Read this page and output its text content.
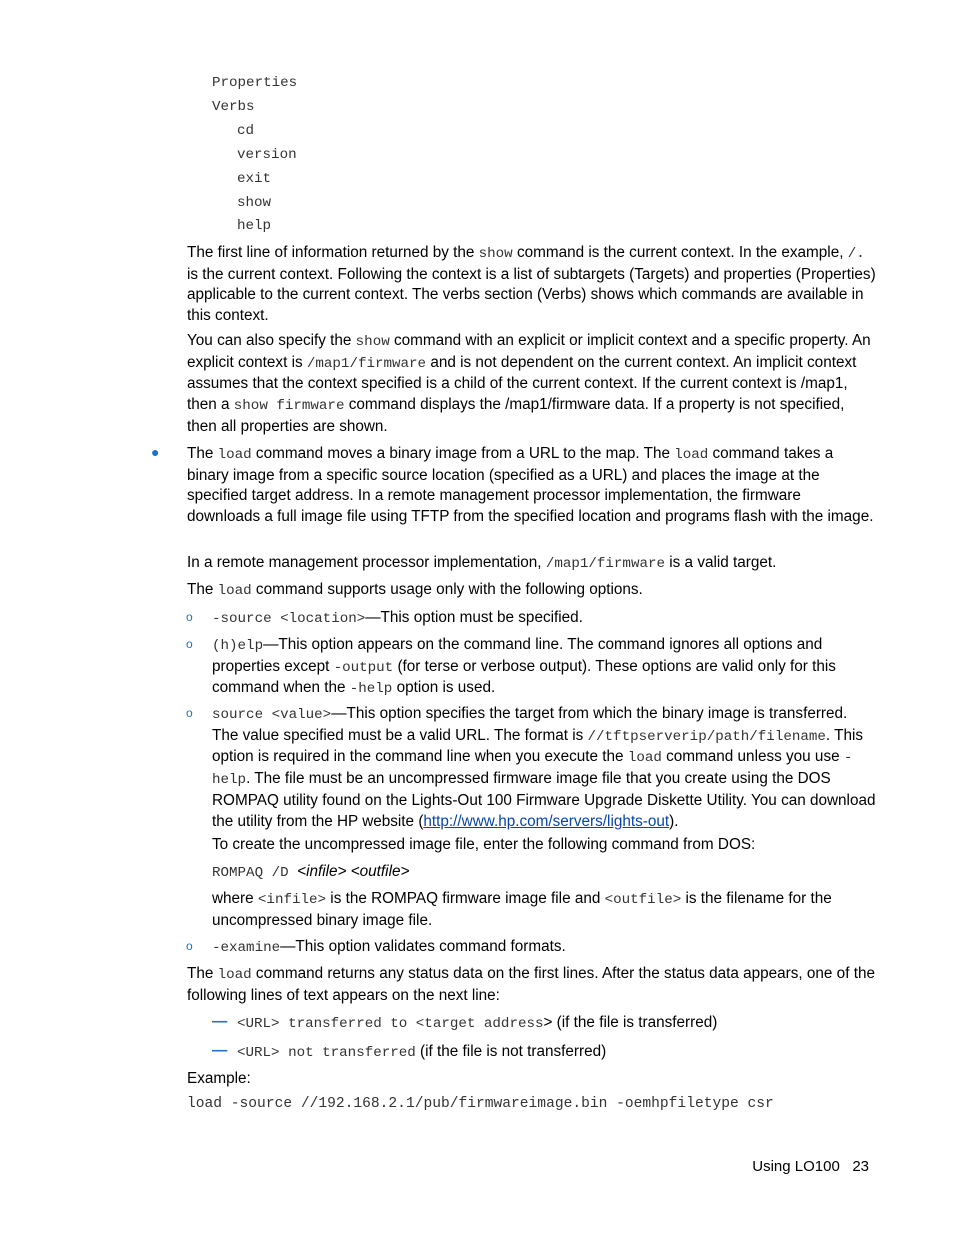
Properties
Verbs
cd
version
exit
show
help
The first line of information returned by the show command is the current context. In the example, /. is the current context. Following the context is a list of subtargets (Targets) and properties (Properties) applicable to the current context. The verbs section (Verbs) shows which commands are available in this context.
You can also specify the show command with an explicit or implicit context and a specific property. An explicit context is /map1/firmware and is not dependent on the current context. An implicit context assumes that the context specified is a child of the current context. If the current context is /map1, then a show firmware command displays the /map1/firmware data. If a property is not specified, then all properties are shown.
● The load command moves a binary image from a URL to the map. The load command takes a binary image from a specific source location (specified as a URL) and places the image at the specified target address. In a remote management processor implementation, the firmware downloads a full image file using TFTP from the specified location and programs flash with the image.
In a remote management processor implementation, /map1/firmware is a valid target.
The load command supports usage only with the following options.
o -source <location>—This option must be specified.
o (h)elp—This option appears on the command line. The command ignores all options and properties except -output (for terse or verbose output). These options are valid only for this command when the -help option is used.
o source <value>—This option specifies the target from which the binary image is transferred. The value specified must be a valid URL. The format is //tftpserverip/path/filename. This option is required in the command line when you execute the load command unless you use -help. The file must be an uncompressed firmware image file that you create using the DOS ROMPAQ utility found on the Lights-Out 100 Firmware Upgrade Diskette Utility. You can download the utility from the HP website (http://www.hp.com/servers/lights-out).
To create the uncompressed image file, enter the following command from DOS:
ROMPAQ /D <infile> <outfile>
where <infile> is the ROMPAQ firmware image file and <outfile> is the filename for the uncompressed binary image file.
o -examine—This option validates command formats.
The load command returns any status data on the first lines. After the status data appears, one of the following lines of text appears on the next line:
— <URL> transferred to <target address> (if the file is transferred)
— <URL> not transferred (if the file is not transferred)
Example:
load -source //192.168.2.1/pub/firmwareimage.bin -oemhpfiletype csr
Using LO100 23
